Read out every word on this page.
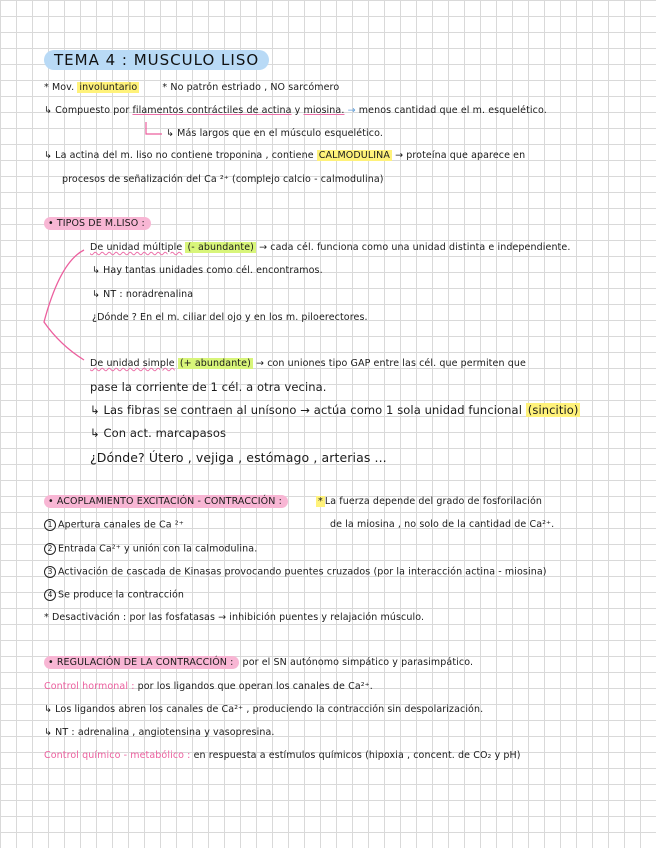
TEMA 4 : MUSCULO LISO
* Mov. involuntario	* No patrón estriado , NO sarcómero
↳ Compuesto por filamentos contráctiles de actina y miosina. → menos cantidad que el m. esquelético.
↳ Más largos que en el músculo esquelético.
↳ La actina del m. liso no contiene troponina , contiene CALMODULINA → proteína que aparece en
procesos de señalización del Ca ²⁺ (complejo calcio - calmodulina)
• TIPOS DE M.LISO :
De unidad múltiple (- abundante) → cada cél. funciona como una unidad distinta e independiente.
↳ Hay tantas unidades como cél. encontramos.
↳ NT : noradrenalina
¿Dónde ? En el m. ciliar del ojo y en los m. piloerectores.
De unidad simple (+ abundante) → con uniones tipo GAP entre las cél. que permiten que
pase la corriente de 1 cél. a otra vecina.
↳ Las fibras se contraen al unísono → actúa como 1 sola unidad funcional (sincitio)
↳ Con act. marcapasos
¿Dónde? Útero , vejiga , estómago , arterias ...
• ACOPLAMIENTO EXCITACIÓN - CONTRACCIÓN :	* La fuerza depende del grado de fosforilación
de la miosina , no solo de la cantidad de Ca²⁺.
1 Apertura canales de Ca ²⁺
2 Entrada Ca²⁺ y unión con la calmodulina.
3 Activación de cascada de Kinasas provocando puentes cruzados (por la interacción actina - miosina)
4 Se produce la contracción
* Desactivación : por las fosfatasas → inhibición puentes y relajación músculo.
• REGULACIÓN DE LA CONTRACCIÓN : por el SN autónomo simpático y parasimpático.
Control hormonal : por los ligandos que operan los canales de Ca²⁺.
↳ Los ligandos abren los canales de Ca²⁺ , produciendo la contracción sin despolarización.
↳ NT : adrenalina , angiotensina y vasopresina.
Control químico - metabólico : en respuesta a estímulos químicos (hipoxia , concent. de CO₂ y pH)
